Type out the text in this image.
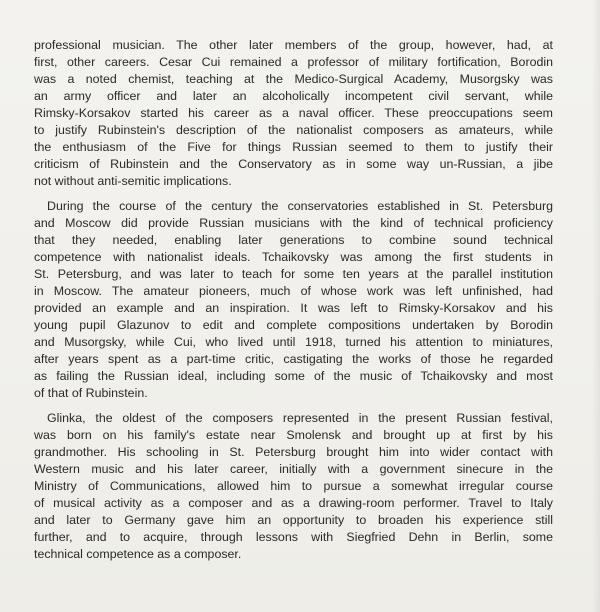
professional musician. The other later members of the group, however, had, at
first, other careers. Cesar Cui remained a professor of military fortification, Borodin
was a noted chemist, teaching at the Medico-Surgical Academy, Musorgsky was
an army officer and later an alcoholically incompetent civil servant, while
Rimsky-Korsakov started his career as a naval officer. These preoccupations seem
to justify Rubinstein's description of the nationalist composers as amateurs, while
the enthusiasm of the Five for things Russian seemed to them to justify their
criticism of Rubinstein and the Conservatory as in some way un-Russian, a jibe
not without anti-semitic implications.
During the course of the century the conservatories established in St. Petersburg
and Moscow did provide Russian musicians with the kind of technical proficiency
that they needed, enabling later generations to combine sound technical
competence with nationalist ideals. Tchaikovsky was among the first students in
St. Petersburg, and was later to teach for some ten years at the parallel institution
in Moscow. The amateur pioneers, much of whose work was left unfinished, had
provided an example and an inspiration. It was left to Rimsky-Korsakov and his
young pupil Glazunov to edit and complete compositions undertaken by Borodin
and Musorgsky, while Cui, who lived until 1918, turned his attention to miniatures,
after years spent as a part-time critic, castigating the works of those he regarded
as failing the Russian ideal, including some of the music of Tchaikovsky and most
of that of Rubinstein.
Glinka, the oldest of the composers represented in the present Russian festival,
was born on his family's estate near Smolensk and brought up at first by his
grandmother. His schooling in St. Petersburg brought him into wider contact with
Western music and his later career, initially with a government sinecure in the
Ministry of Communications, allowed him to pursue a somewhat irregular course
of musical activity as a composer and as a drawing-room performer. Travel to Italy
and later to Germany gave him an opportunity to broaden his experience still
further, and to acquire, through lessons with Siegfried Dehn in Berlin, some
technical competence as a composer.
